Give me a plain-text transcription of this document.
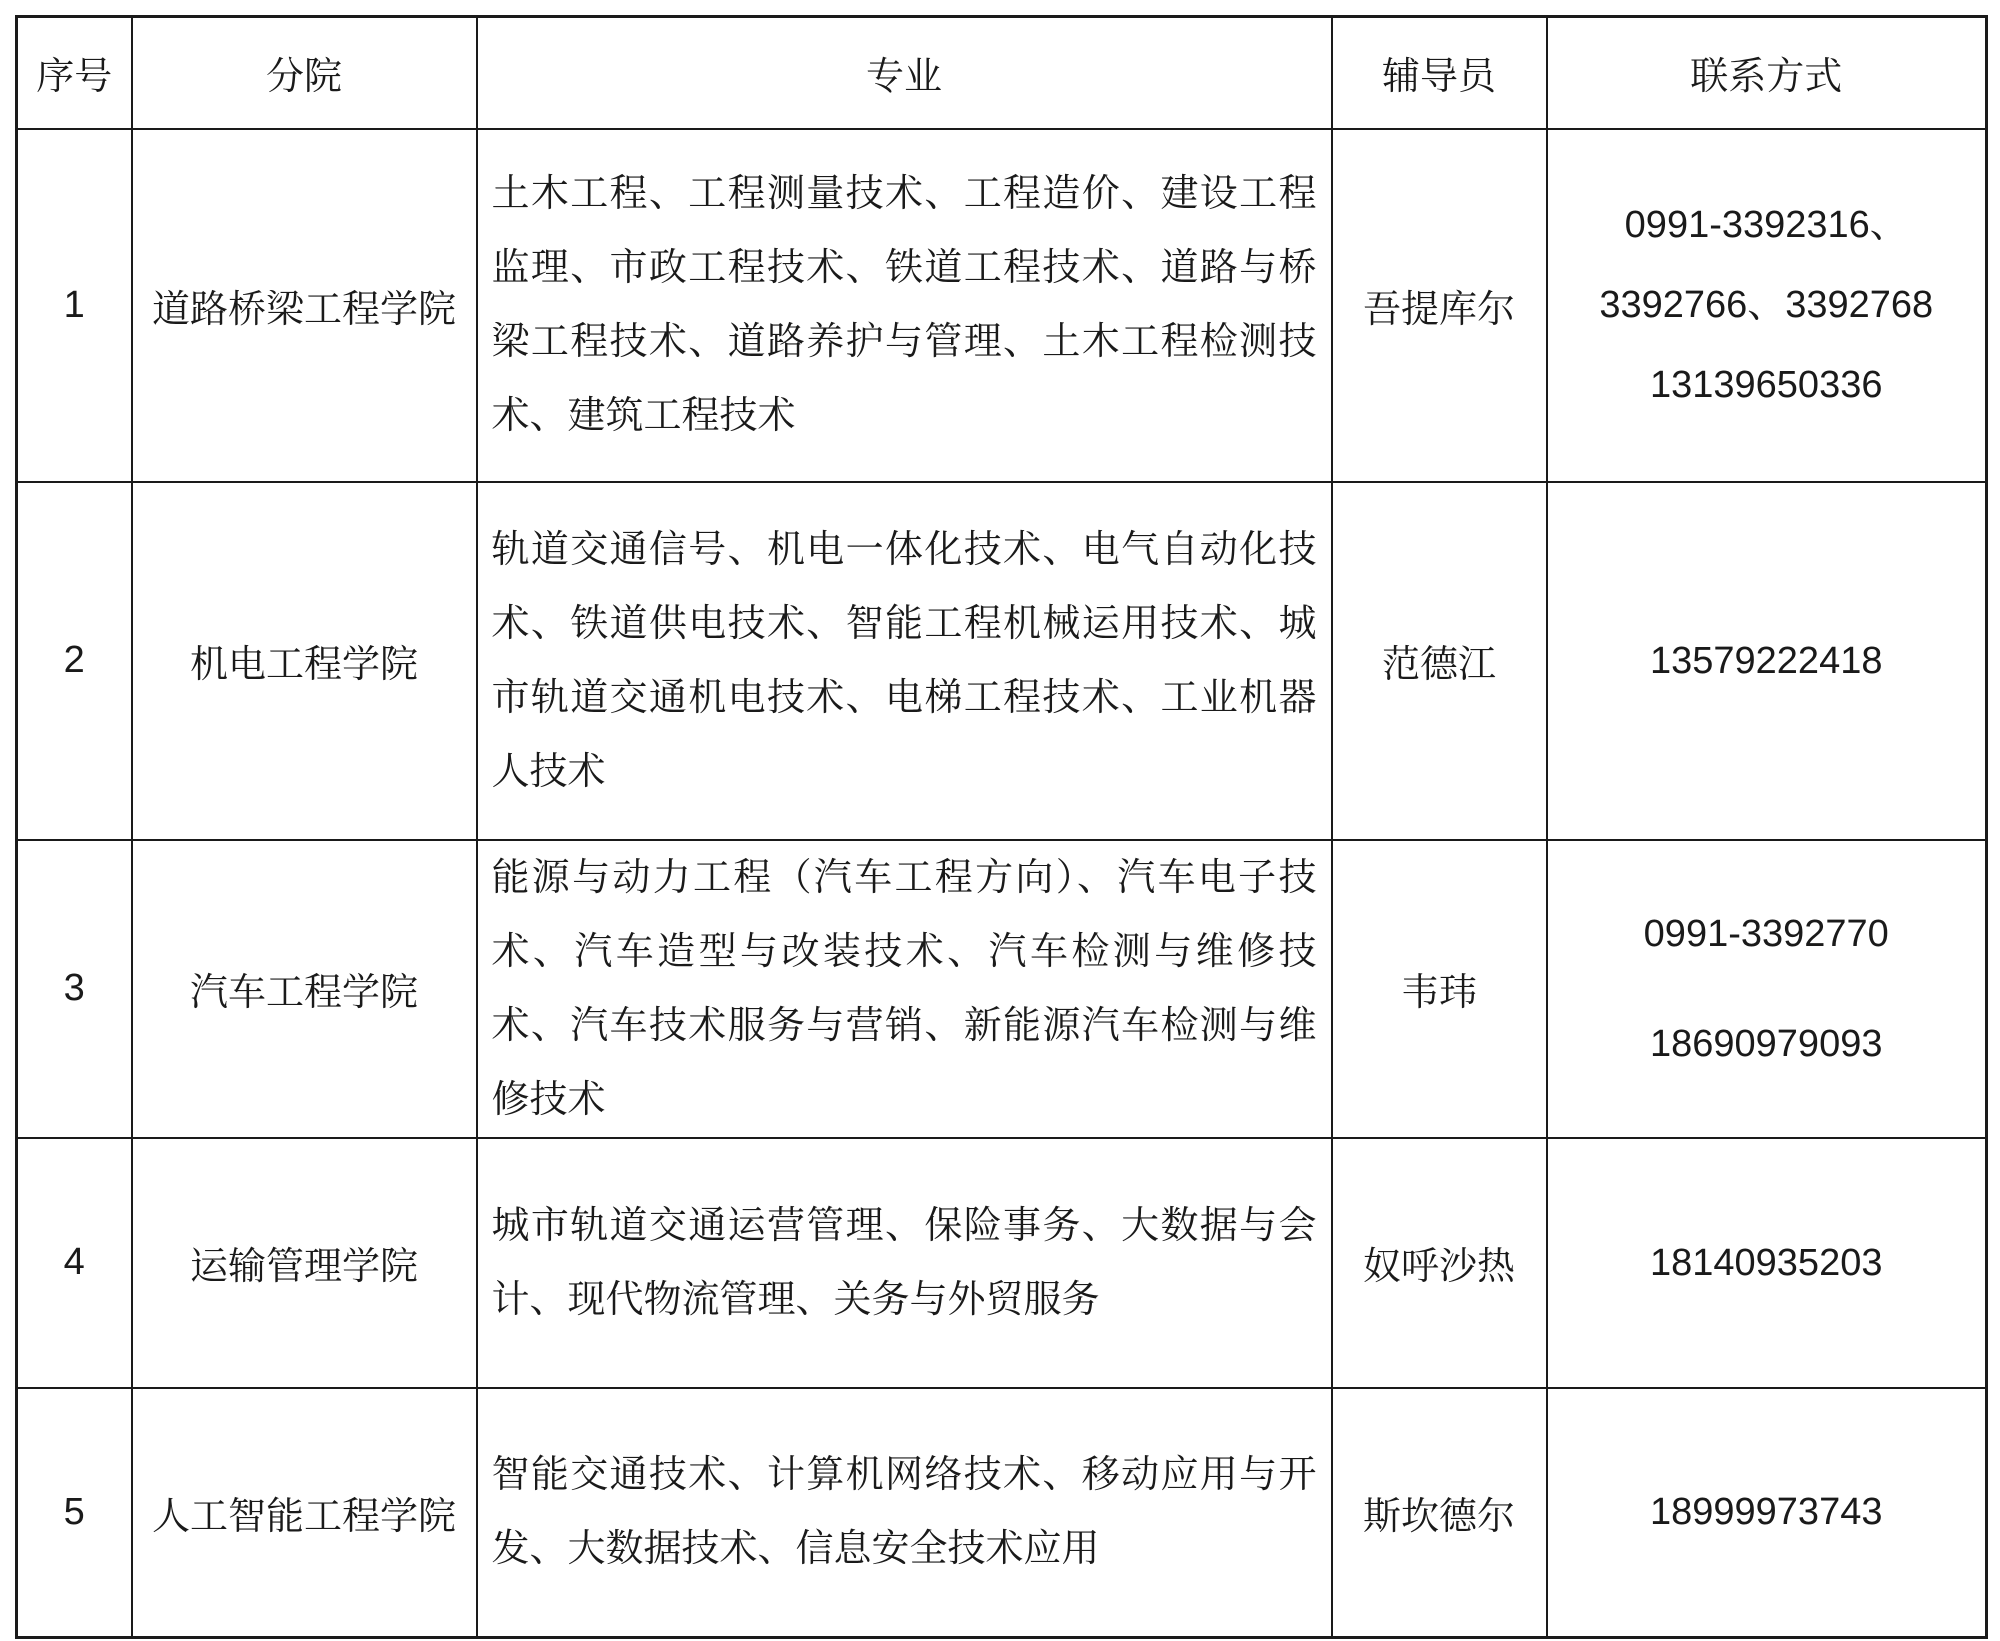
序号	分院	专业	辅导员	联系方式
1	道路桥梁工程学院	土木工程、工程测量技术、工程造价、建设工程监理、市政工程技术、铁道工程技术、道路与桥梁工程技术、道路养护与管理、土木工程检测技术、建筑工程技术	吾提库尔	0991-3392316、
3392766、3392768
13139650336

2	机电工程学院	轨道交通信号、机电一体化技术、电气自动化技术、铁道供电技术、智能工程机械运用技术、城市轨道交通机电技术、电梯工程技术、工业机器人技术	范德江	13579222418

3	汽车工程学院	能源与动力工程（汽车工程方向）、汽车电子技术、汽车造型与改装技术、汽车检测与维修技术、汽车技术服务与营销、新能源汽车检测与维修技术	韦玮	0991-3392770
18690979093

4	运输管理学院	城市轨道交通运营管理、保险事务、大数据与会计、现代物流管理、关务与外贸服务	奴呼沙热	18140935203

5	人工智能工程学院	智能交通技术、计算机网络技术、移动应用与开发、大数据技术、信息安全技术应用	斯坎德尔	18999973743
